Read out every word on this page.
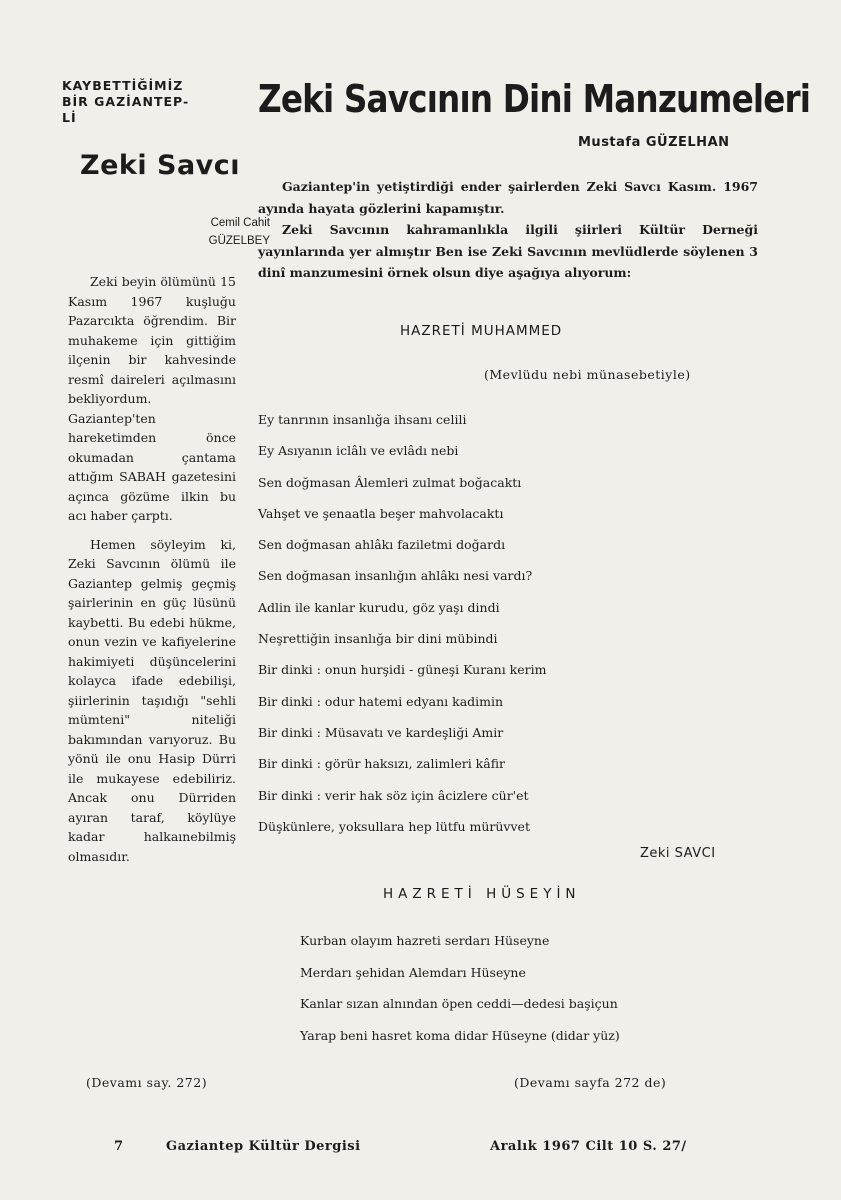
KAYBETTİĞİMİZ
BİR GAZİANTEP-
Lİ	Zeki Savcının Dini Manzumeleri
Zeki Savcı
Cemil Cahit
GÜZELBEY

Zeki beyin ölümünü 15 Kasım 1967 kuşluğu Pazarcıkta öğrendim. Bir muhakeme için gittiğim ilçenin bir kahvesinde resmî daireleri açılmasını bekliyordum. Gaziantep'ten hareketimden önce okumadan çantama attığım SABAH gazetesini açınca gözüme ilkin bu acı haber çarptı.

Hemen söyleyim ki, Zeki Savcının ölümü ile Gaziantep gelmiş geçmiş şairlerinin en güç lüsünü kaybetti. Bu edebi hükme, onun vezin ve kafiyelerine hakimiyeti düşüncelerini kolayca ifade edebilişi, şiirlerinin taşıdığı "sehli mümteni" niteliği bakımından varıyoruz. Bu yönü ile onu Hasip Dürri ile mukayese edebiliriz. Ancak onu Dürriden ayıran taraf, köylüye kadar halkaınebilmiş olmasıdır.

(Devamı say. 272)
Mustafa GÜZELHAN

Gaziantep'in yetiştirdiği ender şairlerden Zeki Savcı Kasım. 1967 ayında hayata gözlerini kapamıştır.

Zeki Savcının kahramanlıkla ilgili şiirleri Kültür Derneği yayınlarında yer almıştır Ben ise Zeki Savcının mevlüdlerde söylenen 3 dinî manzumesini örnek olsun diye aşağıya alıyorum:

HAZRETİ MUHAMMED
(Mevlüdu nebi münasebetiyle)
Ey tanrının insanlığa ihsanı celili
Ey Asıyanın iclâlı ve evlâdı nebi
Sen doğmasan Âlemleri zulmat boğacaktı
Vahşet ve şenaatla beşer mahvolacaktı
Sen doğmasan ahlâkı faziletmi doğardı
Sen doğmasan insanlığın ahlâkı nesi vardı?
Adlin ile kanlar kurudu, göz yaşı dindi
Neşrettiğin insanlığa bir dini mübindi
Bir dinki : onun hurşidi - güneşi Kuranı kerim
Bir dinki : odur hatemi edyanı kadimin
Bir dinki : Müsavatı ve kardeşliği Amir
Bir dinki : görür haksızı, zalimleri kâfir
Bir dinki : verir hak söz için âcizlere cür'et
Düşkünlere, yoksullara hep lütfu mürüvvet
Zeki SAVCI
HAZRETİ HÜSEYİN
Kurban olayım hazreti serdarı Hüseyne
Merdarı şehidan Alemdarı Hüseyne
Kanlar sızan alnından öpen ceddi—dedesi başiçun
Yarap beni hasret koma didar Hüseyne (didar yüz)
(Devamı sayfa 272 de)
7	Gaziantep Kültür Dergisi	Aralık 1967 Cilt 10 S. 27/
